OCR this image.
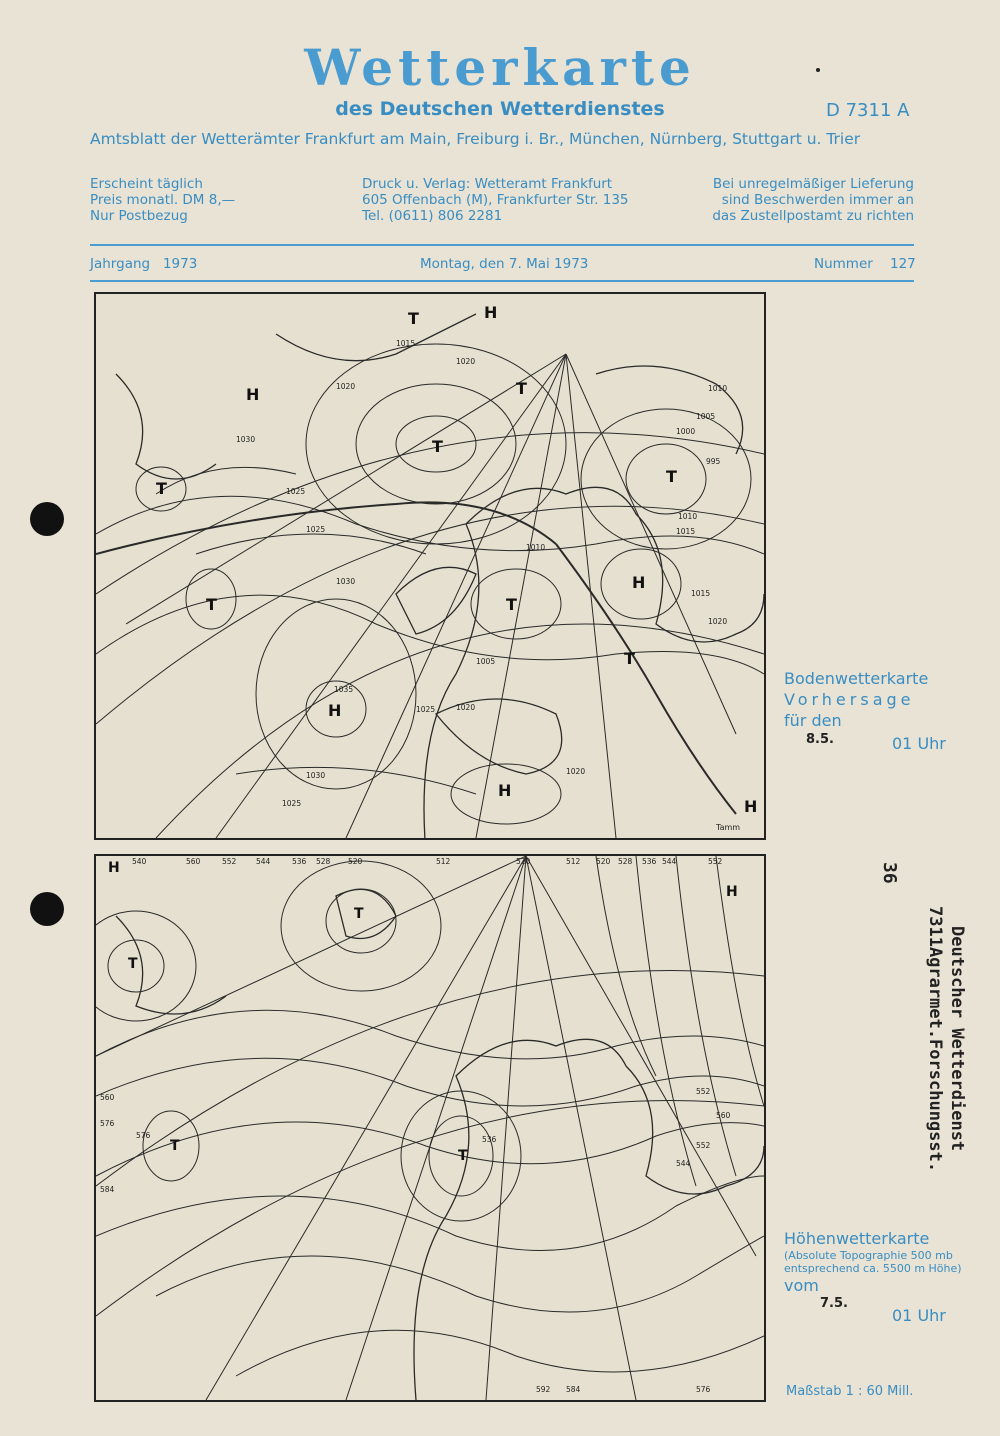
Wetterkarte
des Deutschen Wetterdienstes	D 7311 A
Amtsblatt der Wetterämter Frankfurt am Main, Freiburg i. Br., München, Nürnberg, Stuttgart u. Trier
Erscheint täglich
Preis monatl. DM 8,—
Nur Postbezug
Druck u. Verlag: Wetteramt Frankfurt
605 Offenbach (M), Frankfurter Str. 135
Tel. (0611) 806 2281
Bei unregelmäßiger Lieferung
sind Beschwerden immer an
das Zustellpostamt zu richten
Jahrgang 1973	Montag, den 7. Mai 1973	Nummer 127
1015
1020
1020	1010
1030
1025
1025
1030
1035
1025	1020
1030
1025
1000
1005
1010
1015
1020
1010
1015
995
1005
1020
T
T
T
T
T
T	T
T
H
H
H
H
H
H
Tamm
Bodenwetterkarte
Vorhersage
für den
8.5.	01 Uhr
540	560	552	544	536 528 520	512	520	512 520 528 536 544	552
560
576
584
576
552
560
552
544
536
592 584	576
T
T
T
T
H
H
Höhenwetterkarte
(Absolute Topographie 500 mb
entsprechend ca. 5500 m Höhe)
vom
7.5.
01 Uhr
Maßstab 1 : 60 Mill.
36
Deutscher Wetterdienst
7311Agrarmet.Forschungsst.
